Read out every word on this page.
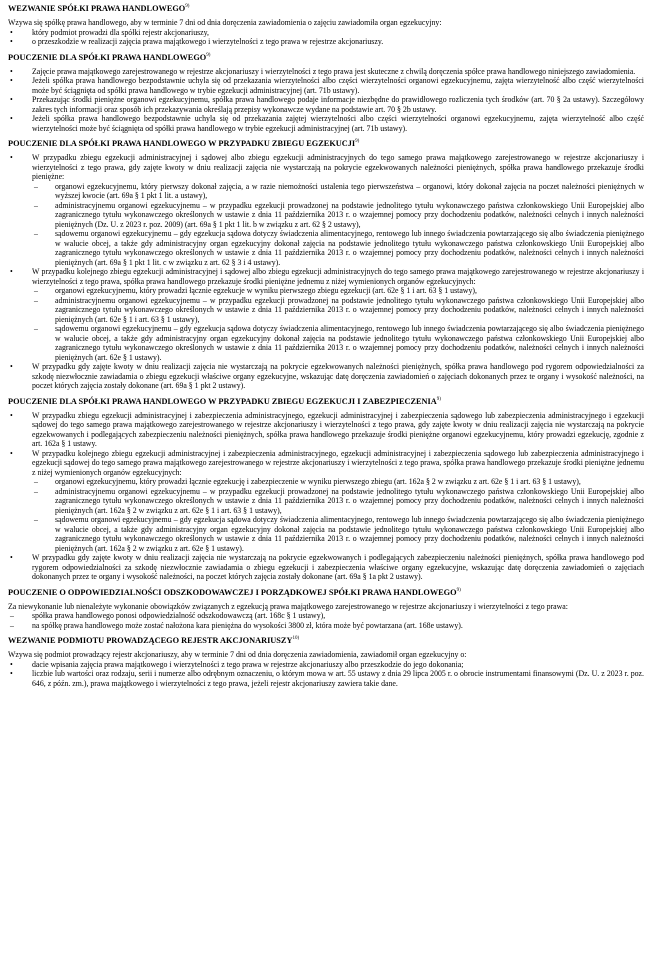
WEZWANIE SPÓŁKI PRAWA HANDLOWEGO$^{9)}$

Wzywa się spółkę prawa handlowego, aby w terminie 7 dni od dnia doręczenia zawiadomienia o zajęciu zawiadomiła organ egzekucyjny:

• który podmiot prowadzi dla spółki rejestr akcjonariuszy,
• o przeszkodzie w realizacji zajęcia prawa majątkowego i wierzytelności z tego prawa w rejestrze akcjonariuszy.

POUCZENIE DLA SPÓŁKI PRAWA HANDLOWEGO$^{9)}$

• Zajęcie prawa majątkowego zarejestrowanego w rejestrze akcjonariuszy i wierzytelności z tego prawa jest skuteczne z chwilą doręczenia spółce prawa handlowego niniejszego zawiadomienia.
• Jeżeli spółka prawa handlowego bezpodstawnie uchyla się od przekazania wierzytelności albo części wierzytelności organowi egzekucyjnemu, zajęta wierzytelność albo część wierzytelności może być ściągnięta od spółki prawa handlowego w trybie egzekucji administracyjnej (art. 71b ustawy).
• Przekazując środki pieniężne organowi egzekucyjnemu, spółka prawa handlowego podaje informacje niezbędne do prawidłowego rozliczenia tych środków (art. 70 § 2a ustawy). Szczegółowy zakres tych informacji oraz sposób ich przekazywania określają przepisy wykonawcze wydane na podstawie art. 70 § 2b ustawy.
• Jeżeli spółka prawa handlowego bezpodstawnie uchyla się od przekazania zajętej wierzytelności albo części wierzytelności organowi egzekucyjnemu, zajęta wierzytelność albo część wierzytelności może być ściągnięta od spółki prawa handlowego w trybie egzekucji administracyjnej (art. 71b ustawy).

POUCZENIE DLA SPÓŁKI PRAWA HANDLOWEGO W PRZYPADKU ZBIEGU EGZEKUCJI$^{9)}$

• W przypadku zbiegu egzekucji administracyjnej i sądowej albo zbiegu egzekucji administracyjnych do tego samego prawa majątkowego zarejestrowanego w rejestrze akcjonariuszy i wierzytelności z tego prawa, gdy zajęte kwoty w dniu realizacji zajęcia nie wystarczają na pokrycie egzekwowanych należności pieniężnych, spółka prawa handlowego przekazuje środki pieniężne:
– organowi egzekucyjnemu, który pierwszy dokonał zajęcia, a w razie niemożności ustalenia tego pierwszeństwa – organowi, który dokonał zajęcia na poczet należności pieniężnych w wyższej kwocie (art. 69a § 1 pkt 1 lit. a ustawy),
– administracyjnemu organowi egzekucyjnemu – w przypadku egzekucji prowadzonej na podstawie jednolitego tytułu wykonawczego państwa członkowskiego Unii Europejskiej albo zagranicznego tytułu wykonawczego określonych w ustawie z dnia 11 października 2013 r. o wzajemnej pomocy przy dochodzeniu podatków, należności celnych i innych należności pieniężnych (Dz. U. z 2023 r. poz. 2009) (art. 69a § 1 pkt 1 lit. b w związku z art. 62 § 2 ustawy),
– sądowemu organowi egzekucyjnemu – gdy egzekucja sądowa dotyczy świadczenia alimentacyjnego, rentowego lub innego świadczenia powtarzającego się albo świadczenia pieniężnego w walucie obcej, a także gdy administracyjny organ egzekucyjny dokonał zajęcia na podstawie jednolitego tytułu wykonawczego państwa członkowskiego Unii Europejskiej albo zagranicznego tytułu wykonawczego określonych w ustawie z dnia 11 października 2013 r. o wzajemnej pomocy przy dochodzeniu podatków, należności celnych i innych należności pieniężnych (art. 69a § 1 pkt 1 lit. c w związku z art. 62 § 3 i 4 ustawy).
• W przypadku kolejnego zbiegu egzekucji administracyjnej i sądowej albo zbiegu egzekucji administracyjnych do tego samego prawa majątkowego zarejestrowanego w rejestrze akcjonariuszy i wierzytelności z tego prawa, spółka prawa handlowego przekazuje środki pieniężne jednemu z niżej wymienionych organów egzekucyjnych:
– organowi egzekucyjnemu, który prowadzi łącznie egzekucje w wyniku pierwszego zbiegu egzekucji (art. 62e § 1 i art. 63 § 1 ustawy),
– administracyjnemu organowi egzekucyjnemu – w przypadku egzekucji prowadzonej na podstawie jednolitego tytułu wykonawczego państwa członkowskiego Unii Europejskiej albo zagranicznego tytułu wykonawczego określonych w ustawie z dnia 11 października 2013 r. o wzajemnej pomocy przy dochodzeniu podatków, należności celnych i innych należności pieniężnych (art. 62e § 1 i art. 63 § 1 ustawy),
– sądowemu organowi egzekucyjnemu – gdy egzekucja sądowa dotyczy świadczenia alimentacyjnego, rentowego lub innego świadczenia powtarzającego się albo świadczenia pieniężnego w walucie obcej, a także gdy administracyjny organ egzekucyjny dokonał zajęcia na podstawie jednolitego tytułu wykonawczego państwa członkowskiego Unii Europejskiej albo zagranicznego tytułu wykonawczego określonych w ustawie z dnia 11 października 2013 r. o wzajemnej pomocy przy dochodzeniu podatków, należności celnych i innych należności pieniężnych (art. 62e § 1 ustawy).
• W przypadku gdy zajęte kwoty w dniu realizacji zajęcia nie wystarczają na pokrycie egzekwowanych należności pieniężnych, spółka prawa handlowego pod rygorem odpowiedzialności za szkodę niezwłocznie zawiadamia o zbiegu egzekucji właściwe organy egzekucyjne, wskazując datę doręczenia zawiadomień o zajęciach dokonanych przez te organy i wysokość należności, na poczet których zajęcia zostały dokonane (art. 69a § 1 pkt 2 ustawy).

POUCZENIE DLA SPÓŁKI PRAWA HANDLOWEGO W PRZYPADKU ZBIEGU EGZEKUCJI I ZABEZPIECZENIA$^{9)}$

• W przypadku zbiegu egzekucji administracyjnej i zabezpieczenia administracyjnego, egzekucji administracyjnej i zabezpieczenia sądowego lub zabezpieczenia administracyjnego i egzekucji sądowej do tego samego prawa majątkowego zarejestrowanego w rejestrze akcjonariuszy i wierzytelności z tego prawa, gdy zajęte kwoty w dniu realizacji zajęcia nie wystarczają na pokrycie egzekwowanych i podlegających zabezpieczeniu należności pieniężnych, spółka prawa handlowego przekazuje środki pieniężne organowi egzekucyjnemu, który prowadzi egzekucję, zgodnie z art. 162a § 1 ustawy.
• W przypadku kolejnego zbiegu egzekucji administracyjnej i zabezpieczenia administracyjnego, egzekucji administracyjnej i zabezpieczenia sądowego lub zabezpieczenia administracyjnego i egzekucji sądowej do tego samego prawa majątkowego zarejestrowanego w rejestrze akcjonariuszy i wierzytelności z tego prawa, spółka prawa handlowego przekazuje środki pieniężne jednemu z niżej wymienionych organów egzekucyjnych:
– organowi egzekucyjnemu, który prowadzi łącznie egzekucję i zabezpieczenie w wyniku pierwszego zbiegu (art. 162a § 2 w związku z art. 62e § 1 i art. 63 § 1 ustawy),
– administracyjnemu organowi egzekucyjnemu – w przypadku egzekucji prowadzonej na podstawie jednolitego tytułu wykonawczego państwa członkowskiego Unii Europejskiej albo zagranicznego tytułu wykonawczego określonych w ustawie z dnia 11 października 2013 r. o wzajemnej pomocy przy dochodzeniu podatków, należności celnych i innych należności pieniężnych (art. 162a § 2 w związku z art. 62e § 1 i art. 63 § 1 ustawy),
– sądowemu organowi egzekucyjnemu – gdy egzekucja sądowa dotyczy świadczenia alimentacyjnego, rentowego lub innego świadczenia powtarzającego się albo świadczenia pieniężnego w walucie obcej, a także gdy administracyjny organ egzekucyjny dokonał zajęcia na podstawie jednolitego tytułu wykonawczego państwa członkowskiego Unii Europejskiej albo zagranicznego tytułu wykonawczego określonych w ustawie z dnia 11 października 2013 r. o wzajemnej pomocy przy dochodzeniu podatków, należności celnych i innych należności pieniężnych (art. 162a § 2 w związku z art. 62e § 1 ustawy).
• W przypadku gdy zajęte kwoty w dniu realizacji zajęcia nie wystarczają na pokrycie egzekwowanych i podlegających zabezpieczeniu należności pieniężnych, spółka prawa handlowego pod rygorem odpowiedzialności za szkodę niezwłocznie zawiadamia o zbiegu egzekucji i zabezpieczenia właściwe organy egzekucyjne, wskazując datę doręczenia zawiadomień o zajęciach dokonanych przez te organy i wysokość należności, na poczet których zajęcia zostały dokonane (art. 69a § 1a pkt 2 ustawy).

POUCZENIE O ODPOWIEDZIALNOŚCI ODSZKODOWAWCZEJ I PORZĄDKOWEJ SPÓŁKI PRAWA HANDLOWEGO$^{9)}$

Za niewykonanie lub nienależyte wykonanie obowiązków związanych z egzekucją prawa majątkowego zarejestrowanego w rejestrze akcjonariuszy i wierzytelności z tego prawa:

– spółka prawa handlowego ponosi odpowiedzialność odszkodowawczą (art. 168c § 1 ustawy),
– na spółkę prawa handlowego może zostać nałożona kara pieniężna do wysokości 3800 zł, która może być powtarzana (art. 168e ustawy).

WEZWANIE PODMIOTU PROWADZĄCEGO REJESTR AKCJONARIUSZY$^{10)}$

Wzywa się podmiot prowadzący rejestr akcjonariuszy, aby w terminie 7 dni od dnia doręczenia zawiadomienia, zawiadomił organ egzekucyjny o:

• dacie wpisania zajęcia prawa majątkowego i wierzytelności z tego prawa w rejestrze akcjonariuszy albo przeszkodzie do jego dokonania;
• liczbie lub wartości oraz rodzaju, serii i numerze albo odrębnym oznaczeniu, o którym mowa w art. 55 ustawy z dnia 29 lipca 2005 r. o obrocie instrumentami finansowymi (Dz. U. z 2023 r. poz. 646, z późn. zm.), prawa majątkowego i wierzytelności z tego prawa, jeżeli rejestr akcjonariuszy zawiera takie dane.
